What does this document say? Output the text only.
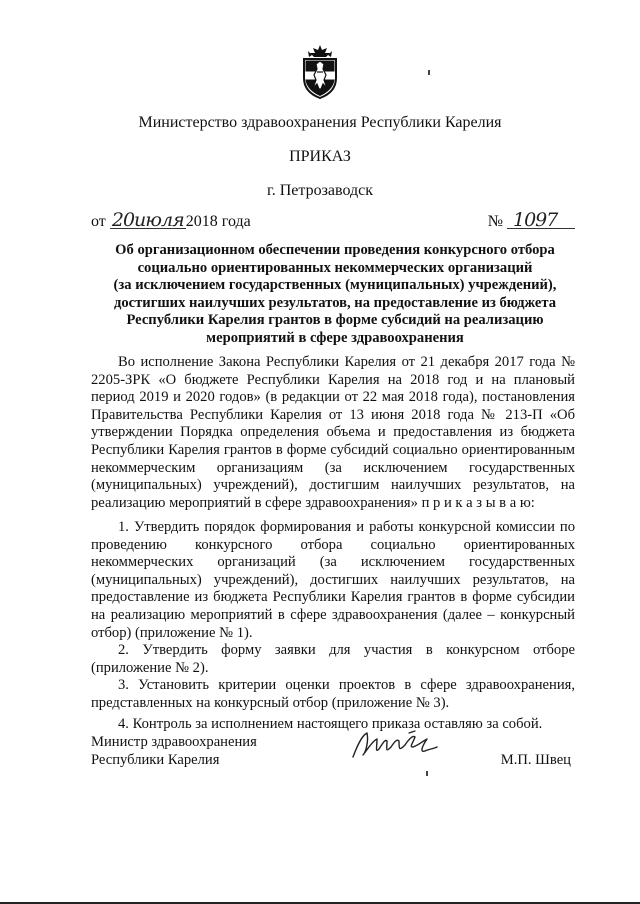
Министерство здравоохранения Республики Карелия
ПРИКАЗ
г. Петрозаводск
от 20июля 2018 года	№ 1097
Об организационном обеспечении проведения конкурсного отбора
социально ориентированных некоммерческих организаций
(за исключением государственных (муниципальных) учреждений),
достигших наилучших результатов, на предоставление из бюджета
Республики Карелия грантов в форме субсидий на реализацию
мероприятий в сфере здравоохранения
Во исполнение Закона Республики Карелия от 21 декабря 2017 года № 2205-ЗРК «О бюджете Республики Карелия на 2018 год и на плановый период 2019 и 2020 годов» (в редакции от 22 мая 2018 года), постановления Правительства Республики Карелия от 13 июня 2018 года № 213-П «Об утверждении Порядка определения объема и предоставления из бюджета Республики Карелия грантов в форме субсидий социально ориентированным некоммерческим организациям (за исключением государственных (муниципальных) учреждений), достигшим наилучших результатов, на реализацию мероприятий в сфере здравоохранения» п р и к а з ы в а ю:

1. Утвердить порядок формирования и работы конкурсной комиссии по проведению конкурсного отбора социально ориентированных некоммерческих организаций (за исключением государственных (муниципальных) учреждений), достигших наилучших результатов, на предоставление из бюджета Республики Карелия грантов в форме субсидии на реализацию мероприятий в сфере здравоохранения (далее – конкурсный отбор) (приложение № 1).

2. Утвердить форму заявки для участия в конкурсном отборе (приложение № 2).

3. Установить критерии оценки проектов в сфере здравоохранения, представленных на конкурсный отбор (приложение № 3).

4. Контроль за исполнением настоящего приказа оставляю за собой.

Министр здравоохранения
Республики Карелия	М.П. Швец
